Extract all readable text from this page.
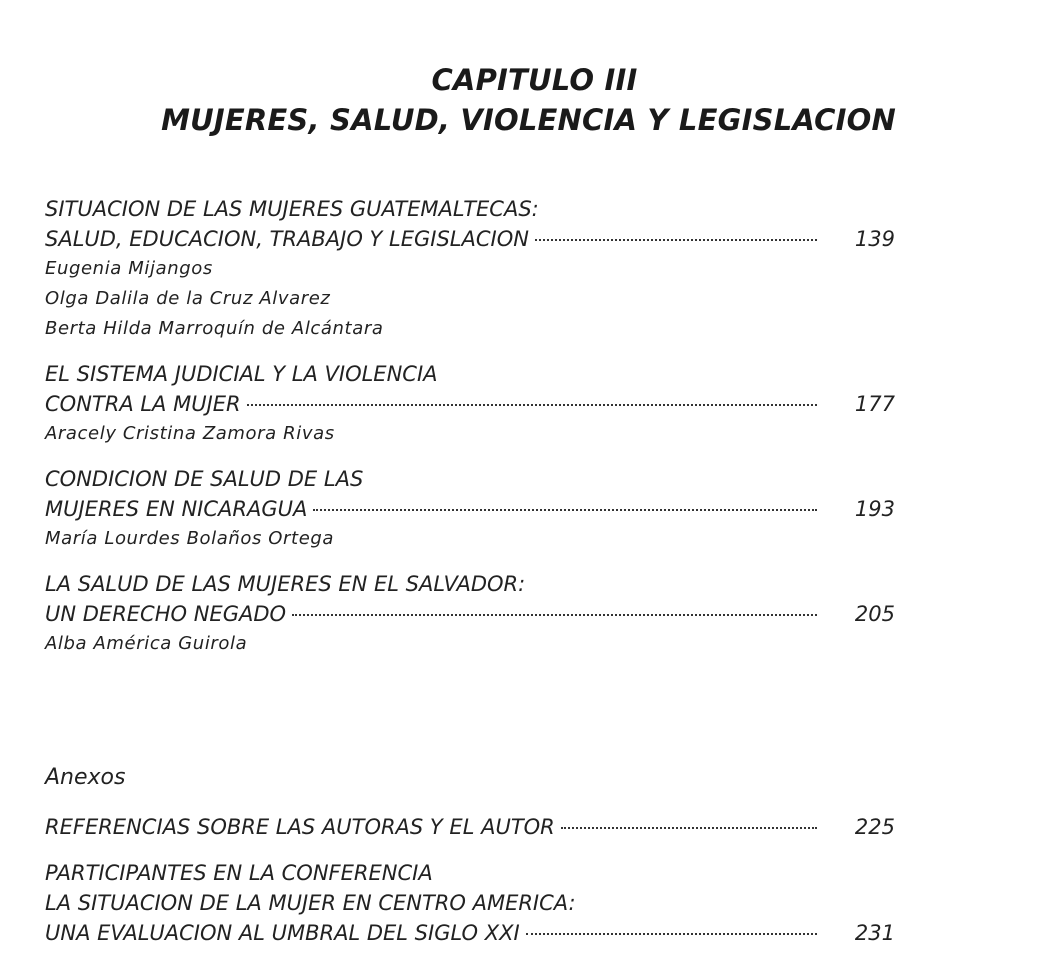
CAPITULO III
MUJERES, SALUD, VIOLENCIA Y LEGISLACION
SITUACION DE LAS MUJERES GUATEMALTECAS:
SALUD, EDUCACION, TRABAJO Y LEGISLACION	139
Eugenia Mijangos
Olga Dalila de la Cruz Alvarez
Berta Hilda Marroquín de Alcántara
EL SISTEMA JUDICIAL Y LA VIOLENCIA
CONTRA LA MUJER	177
Aracely Cristina Zamora Rivas
CONDICION DE SALUD DE LAS
MUJERES EN NICARAGUA	193
María Lourdes Bolaños Ortega
LA SALUD DE LAS MUJERES EN EL SALVADOR:
UN DERECHO NEGADO	205
Alba América Guirola
Anexos
REFERENCIAS SOBRE LAS AUTORAS Y EL AUTOR	225
PARTICIPANTES EN LA CONFERENCIA
LA SITUACION DE LA MUJER EN CENTRO AMERICA:
UNA EVALUACION AL UMBRAL DEL SIGLO XXI	231
